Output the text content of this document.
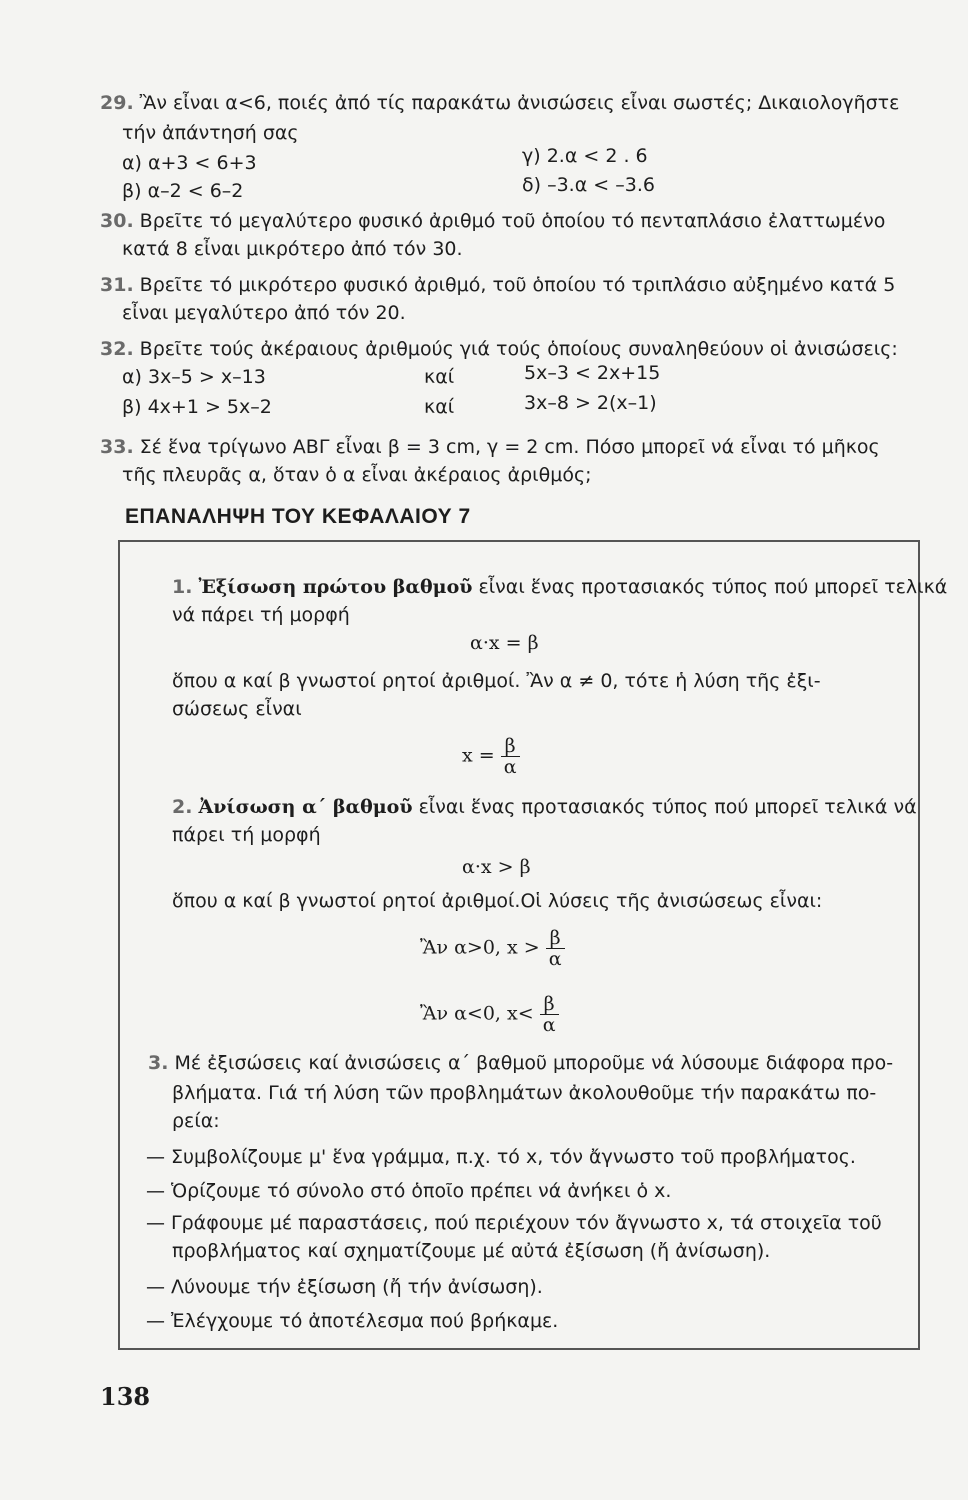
29. Ἂν εἶναι α<6, ποιές ἀπό τίς παρακάτω ἀνισώσεις εἶναι σωστές; Δικαιολογῆστε
τήν ἀπάντησή σας
α) α+3 < 6+3	γ) 2.α < 2 . 6
β) α–2 < 6–2	δ) –3.α < –3.6
30. Βρεῖτε τό μεγαλύτερο φυσικό ἀριθμό τοῦ ὁποίου τό πενταπλάσιο ἐλαττωμένο
κατά 8 εἶναι μικρότερο ἀπό τόν 30.
31. Βρεῖτε τό μικρότερο φυσικό ἀριθμό, τοῦ ὁποίου τό τριπλάσιο αὐξημένο κατά 5
εἶναι μεγαλύτερο ἀπό τόν 20.
32. Βρεῖτε τούς ἀκέραιους ἀριθμούς γιά τούς ὁποίους συναληθεύουν οἱ ἀνισώσεις:
α) 3x–5 > x–13	καί	5x–3 < 2x+15
β) 4x+1 > 5x–2	καί	3x–8 > 2(x–1)
33. Σέ ἕνα τρίγωνο ΑΒΓ εἶναι β = 3 cm, γ = 2 cm. Πόσο μπορεῖ νά εἶναι τό μῆκος
τῆς πλευρᾶς α, ὅταν ὁ α εἶναι ἀκέραιος ἀριθμός;
ΕΠΑΝΑΛΗΨΗ ΤΟΥ ΚΕΦΑΛΑΙΟΥ 7
1. Ἐξίσωση πρώτου βαθμοῦ εἶναι ἕνας προτασιακός τύπος πού μπορεῖ τελικά
νά πάρει τή μορφή
α·x = β
ὅπου α καί β γνωστοί ρητοί ἀριθμοί. Ἂν α ≠ 0, τότε ἡ λύση τῆς ἐξι-
σώσεως εἶναι
$x = \frac{\beta}{\alpha}$
2. Ἀνίσωση α΄ βαθμοῦ εἶναι ἕνας προτασιακός τύπος πού μπορεῖ τελικά νά
πάρει τή μορφή
α·x > β
ὅπου α καί β γνωστοί ρητοί ἀριθμοί.Οἱ λύσεις τῆς ἀνισώσεως εἶναι:
Ἂν α>0, $x > \frac{\beta}{\alpha}$
Ἂν α<0, $x< \frac{\beta}{\alpha}$
3. Μέ ἐξισώσεις καί ἀνισώσεις α΄ βαθμοῦ μποροῦμε νά λύσουμε διάφορα προ-
βλήματα. Γιά τή λύση τῶν προβλημάτων ἀκολουθοῦμε τήν παρακάτω πο-
ρεία:
— Συμβολίζουμε μ' ἕνα γράμμα, π.χ. τό x, τόν ἄγνωστο τοῦ προβλήματος.
— Ὁρίζουμε τό σύνολο στό ὁποῖο πρέπει νά ἀνήκει ὁ x.
— Γράφουμε μέ παραστάσεις, πού περιέχουν τόν ἄγνωστο x, τά στοιχεῖα τοῦ
προβλήματος καί σχηματίζουμε μέ αὐτά ἐξίσωση (ἤ ἀνίσωση).
— Λύνουμε τήν ἐξίσωση (ἤ τήν ἀνίσωση).
— Ἐλέγχουμε τό ἀποτέλεσμα πού βρήκαμε.
138
